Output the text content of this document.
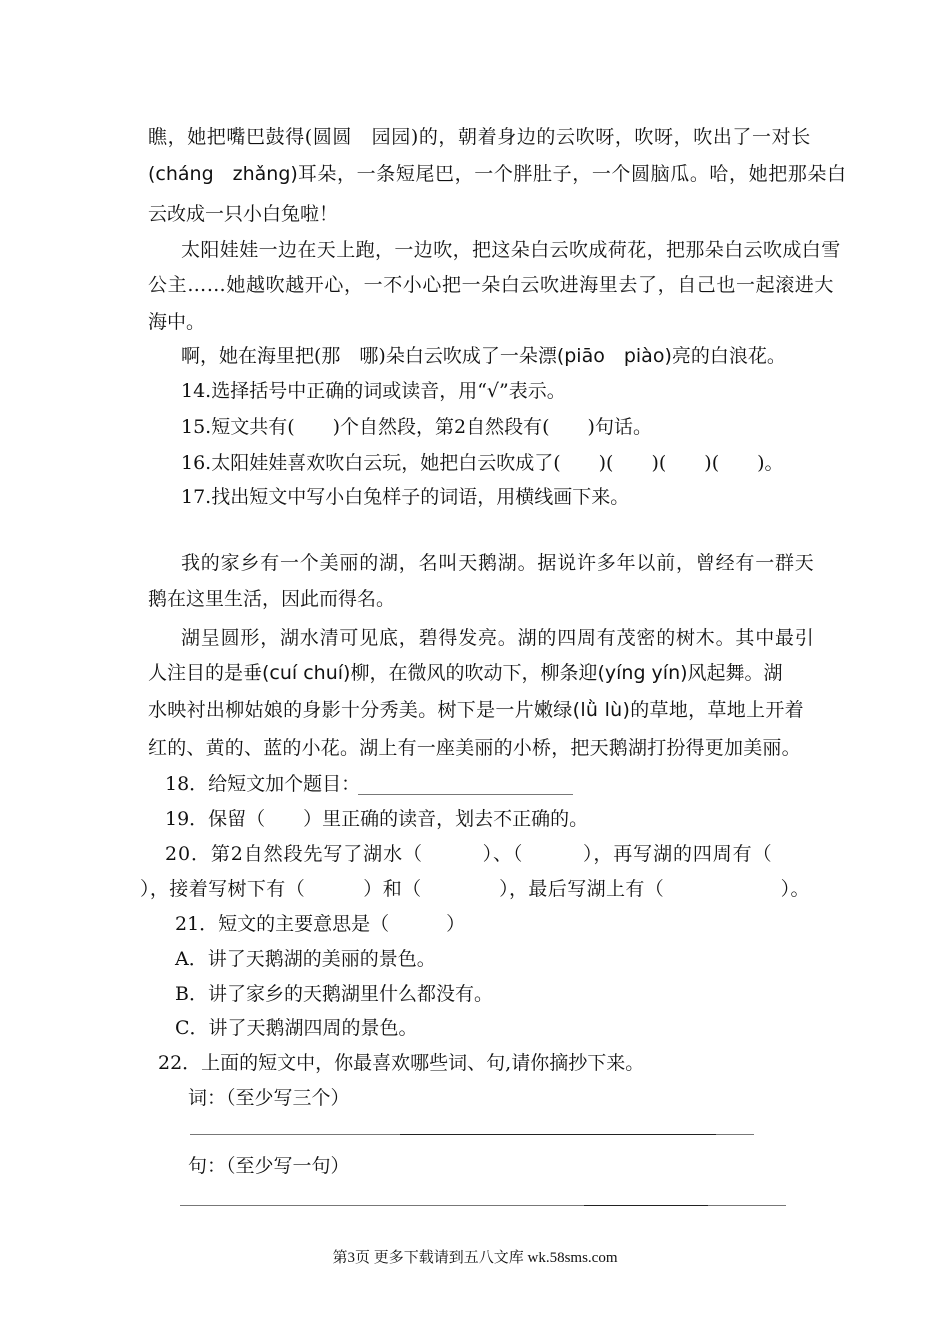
瞧，她把嘴巴鼓得(圆圆　园园)的，朝着身边的云吹呀，吹呀，吹出了一对长
(cháng　zhǎng)耳朵，一条短尾巴，一个胖肚子，一个圆脑瓜。哈，她把那朵白
云改成一只小白兔啦！
太阳娃娃一边在天上跑，一边吹，把这朵白云吹成荷花，把那朵白云吹成白雪
公主……她越吹越开心，一不小心把一朵白云吹进海里去了，自己也一起滚进大
海中。
啊，她在海里把(那　哪)朵白云吹成了一朵漂(piāo　piào)亮的白浪花。
14.选择括号中正确的词或读音，用“√”表示。
15.短文共有(　　)个自然段，第2自然段有(　　)句话。
16.太阳娃娃喜欢吹白云玩，她把白云吹成了(　　)(　　)(　　)(　　)。
17.找出短文中写小白兔样子的词语，用横线画下来。
我的家乡有一个美丽的湖，名叫天鹅湖。据说许多年以前，曾经有一群天
鹅在这里生活，因此而得名。
湖呈圆形，湖水清可见底，碧得发亮。湖的四周有茂密的树木。其中最引
人注目的是垂(cuí chuí)柳，在微风的吹动下，柳条迎(yíng yín)风起舞。湖
水映衬出柳姑娘的身影十分秀美。树下是一片嫩绿(lǜ lù)的草地，草地上开着
红的、黄的、蓝的小花。湖上有一座美丽的小桥，把天鹅湖打扮得更加美丽。
18．给短文加个题目：
19．保留（　　）里正确的读音，划去不正确的。
20．第2自然段先写了湖水（　　　）、（　　　），再写湖的四周有（
），接着写树下有（　　　）和（　　　　），最后写湖上有（　　　　　　）。
21．短文的主要意思是（　　　）
A．讲了天鹅湖的美丽的景色。
B．讲了家乡的天鹅湖里什么都没有。
C．讲了天鹅湖四周的景色。
22．上面的短文中，你最喜欢哪些词、句,请你摘抄下来。
词：（至少写三个）
句：（至少写一句）
第3页 更多下载请到五八文库 wk.58sms.com
